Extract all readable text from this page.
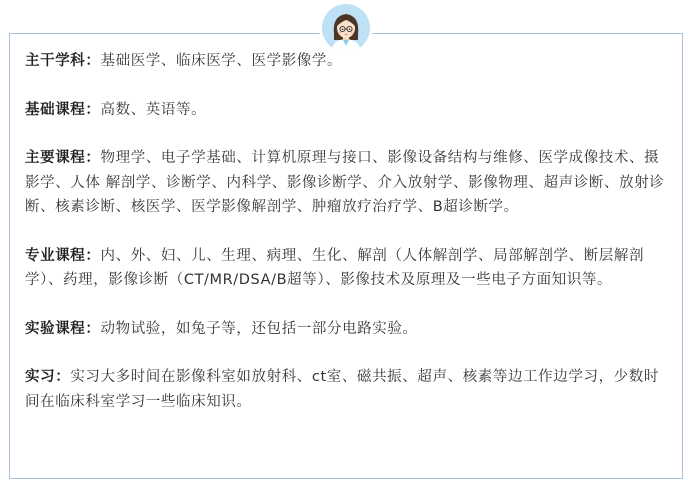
主干学科：基础医学、临床医学、医学影像学。

基础课程：高数、英语等。

主要课程：物理学、电子学基础、计算机原理与接口、影像设备结构与维修、医学成像技术、摄影学、人体 解剖学、诊断学、内科学、影像诊断学、介入放射学、影像物理、超声诊断、放射诊断、核素诊断、核医学、医学影像解剖学、肿瘤放疗治疗学、B超诊断学。

专业课程：内、外、妇、儿、生理、病理、生化、解剖（人体解剖学、局部解剖学、断层解剖学）、药理，影像诊断（CT/MR/DSA/B超等）、影像技术及原理及一些电子方面知识等。

实验课程：动物试验，如兔子等，还包括一部分电路实验。

实习：实习大多时间在影像科室如放射科、ct室、磁共振、超声、核素等边工作边学习，少数时间在临床科室学习一些临床知识。
